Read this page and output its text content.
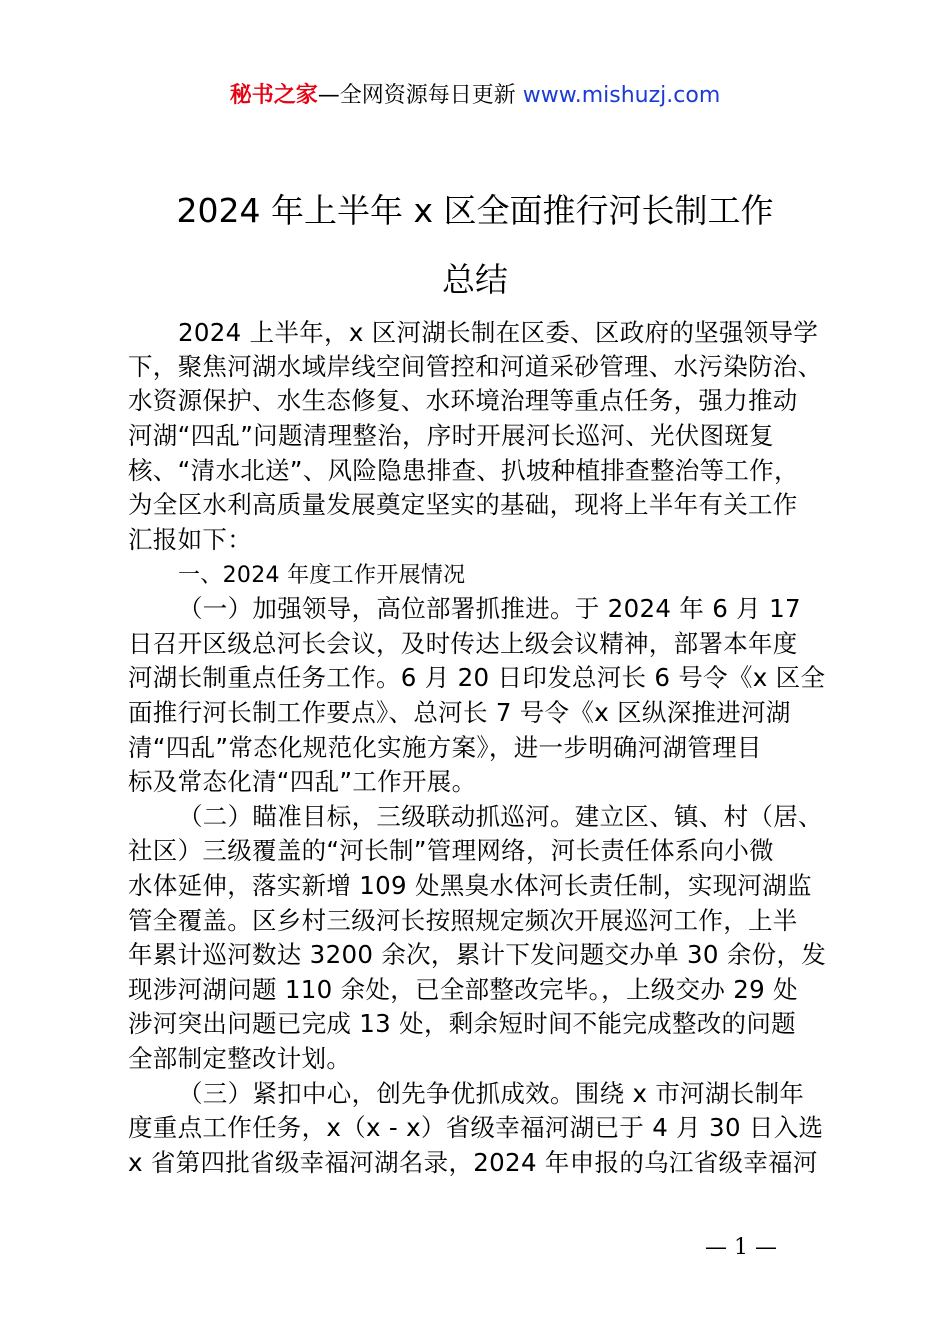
秘书之家—全网资源每日更新 www.mishuzj.com
2024 年上半年 x 区全面推行河长制工作
总结
2024 上半年，x 区河湖长制在区委、区政府的坚强领导学
下，聚焦河湖水域岸线空间管控和河道采砂管理、水污染防治、
水资源保护、水生态修复、水环境治理等重点任务，强力推动
河湖“四乱”问题清理整治，序时开展河长巡河、光伏图斑复
核、“清水北送”、风险隐患排查、扒坡种植排查整治等工作，
为全区水利高质量发展奠定坚实的基础，现将上半年有关工作
汇报如下：
一、2024 年度工作开展情况
（一）加强领导，高位部署抓推进。于 2024 年 6 月 17
日召开区级总河长会议，及时传达上级会议精神，部署本年度
河湖长制重点任务工作。6 月 20 日印发总河长 6 号令《x 区全
面推行河长制工作要点》、总河长 7 号令《x 区纵深推进河湖
清“四乱”常态化规范化实施方案》，进一步明确河湖管理目
标及常态化清“四乱”工作开展。
（二）瞄准目标，三级联动抓巡河。建立区、镇、村（居、
社区）三级覆盖的“河长制”管理网络，河长责任体系向小微
水体延伸，落实新增 109 处黑臭水体河长责任制，实现河湖监
管全覆盖。区乡村三级河长按照规定频次开展巡河工作，上半
年累计巡河数达 3200 余次，累计下发问题交办单 30 余份，发
现涉河湖问题 110 余处，已全部整改完毕。，上级交办 29 处
涉河突出问题已完成 13 处，剩余短时间不能完成整改的问题
全部制定整改计划。
（三）紧扣中心，创先争优抓成效。围绕 x 市河湖长制年
度重点工作任务，x（x - x）省级幸福河湖已于 4 月 30 日入选
x 省第四批省级幸福河湖名录，2024 年申报的乌江省级幸福河
— 1 —
